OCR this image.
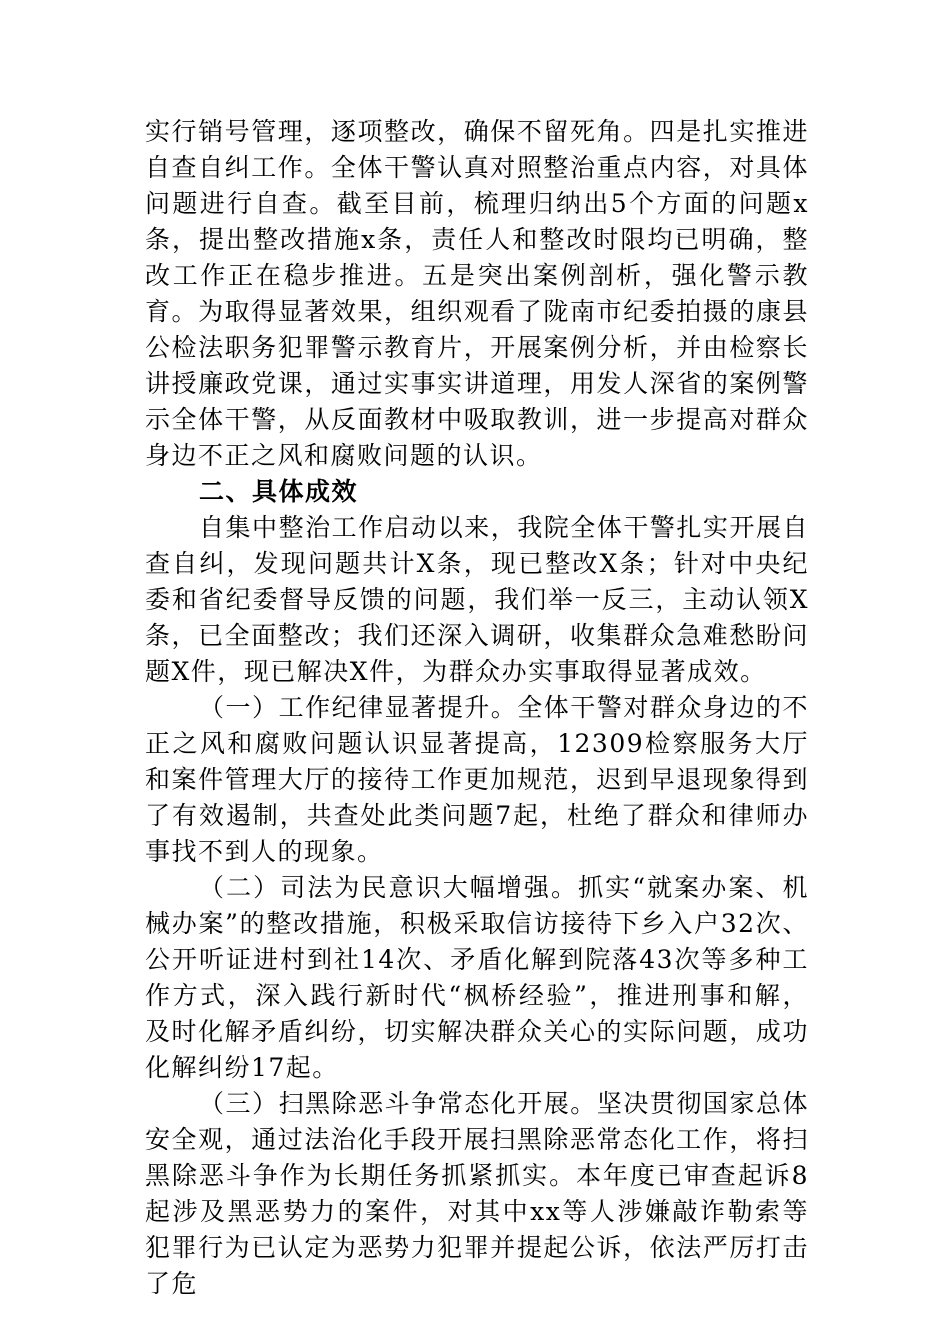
实行销号管理，逐项整改，确保不留死角。四是扎实推进自查自纠工作。全体干警认真对照整治重点内容，对具体问题进行自查。截至目前，梳理归纳出5个方面的问题x条，提出整改措施x条，责任人和整改时限均已明确，整改工作正在稳步推进。五是突出案例剖析，强化警示教育。为取得显著效果，组织观看了陇南市纪委拍摄的康县公检法职务犯罪警示教育片，开展案例分析，并由检察长讲授廉政党课，通过实事实讲道理，用发人深省的案例警示全体干警，从反面教材中吸取教训，进一步提高对群众身边不正之风和腐败问题的认识。

二、具体成效

自集中整治工作启动以来，我院全体干警扎实开展自查自纠，发现问题共计X条，现已整改X条；针对中央纪委和省纪委督导反馈的问题，我们举一反三，主动认领X条，已全面整改；我们还深入调研，收集群众急难愁盼问题X件，现已解决X件，为群众办实事取得显著成效。

（一）工作纪律显著提升。全体干警对群众身边的不正之风和腐败问题认识显著提高，12309检察服务大厅和案件管理大厅的接待工作更加规范，迟到早退现象得到了有效遏制，共查处此类问题7起，杜绝了群众和律师办事找不到人的现象。

（二）司法为民意识大幅增强。抓实“就案办案、机械办案”的整改措施，积极采取信访接待下乡入户32次、公开听证进村到社14次、矛盾化解到院落43次等多种工作方式，深入践行新时代“枫桥经验”，推进刑事和解，及时化解矛盾纠纷，切实解决群众关心的实际问题，成功化解纠纷17起。

（三）扫黑除恶斗争常态化开展。坚决贯彻国家总体安全观，通过法治化手段开展扫黑除恶常态化工作，将扫黑除恶斗争作为长期任务抓紧抓实。本年度已审查起诉8起涉及黑恶势力的案件，对其中xx等人涉嫌敲诈勒索等犯罪行为已认定为恶势力犯罪并提起公诉，依法严厉打击了危
